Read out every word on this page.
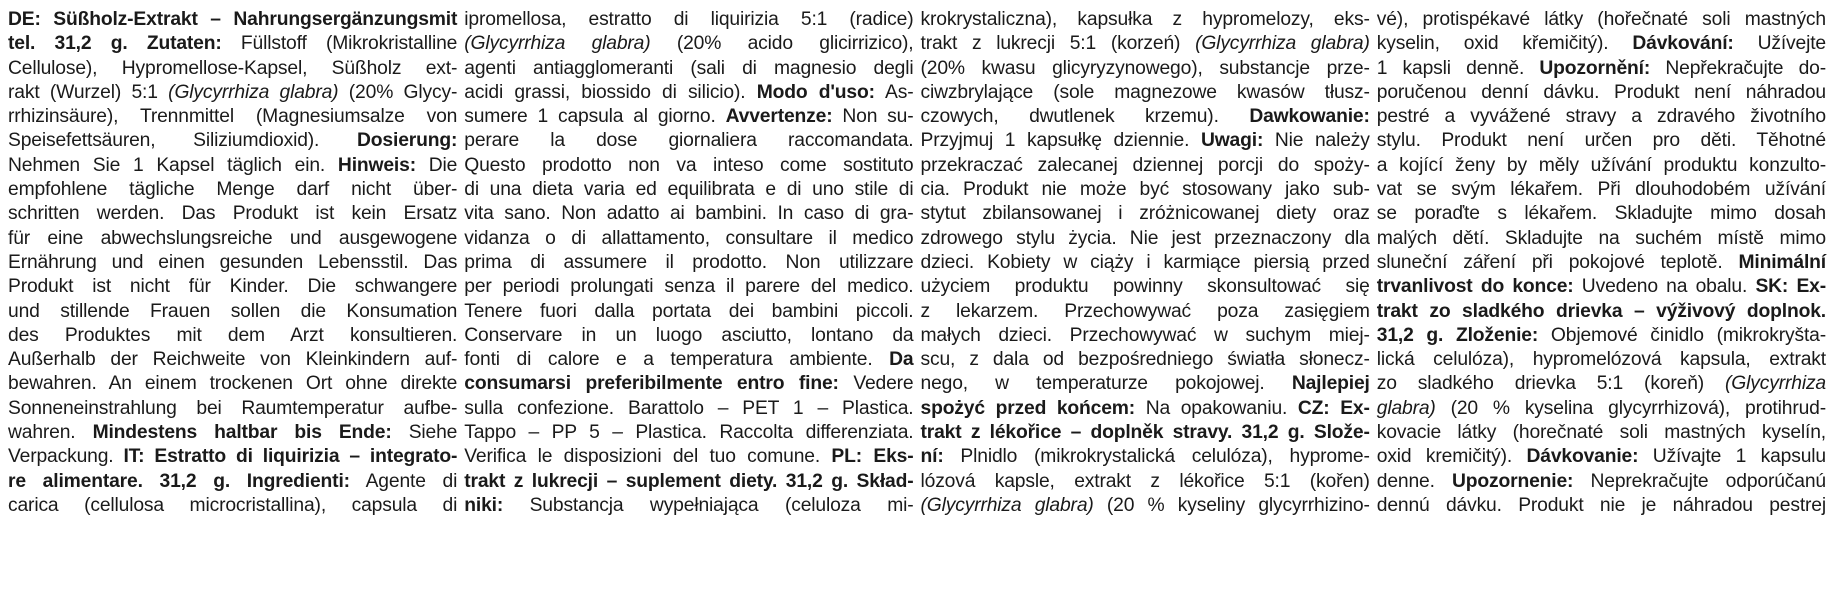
DE: Süßholz-Extrakt – Nahrungsergänzungsmit
tel. 31,2 g. Zutaten: Füllstoff (Mikrokristalline
Cellulose), Hypromellose-Kapsel, Süßholz ext-
rakt (Wurzel) 5:1 (Glycyrrhiza glabra) (20% Glycy-
rrhizinsäure), Trennmittel (Magnesiumsalze von
Speisefettsäuren, Siliziumdioxid). Dosierung:
Nehmen Sie 1 Kapsel täglich ein. Hinweis: Die
empfohlene tägliche Menge darf nicht über-
schritten werden. Das Produkt ist kein Ersatz
für eine abwechslungsreiche und ausgewogene
Ernährung und einen gesunden Lebensstil. Das
Produkt ist nicht für Kinder. Die schwangere
und stillende Frauen sollen die Konsumation
des Produktes mit dem Arzt konsultieren.
Außerhalb der Reichweite von Kleinkindern auf-
bewahren. An einem trockenen Ort ohne direkte
Sonneneinstrahlung bei Raumtemperatur aufbe-
wahren. Mindestens haltbar bis Ende: Siehe
Verpackung. IT: Estratto di liquirizia – integrato-
re alimentare. 31,2 g. Ingredienti: Agente di
carica (cellulosa microcristallina), capsula di
ipromellosa, estratto di liquirizia 5:1 (radice)
(Glycyrrhiza glabra) (20% acido glicirrizico),
agenti antiagglomeranti (sali di magnesio degli
acidi grassi, biossido di silicio). Modo d'uso: As-
sumere 1 capsula al giorno. Avvertenze: Non su-
perare la dose giornaliera raccomandata.
Questo prodotto non va inteso come sostituto
di una dieta varia ed equilibrata e di uno stile di
vita sano. Non adatto ai bambini. In caso di gra-
vidanza o di allattamento, consultare il medico
prima di assumere il prodotto. Non utilizzare
per periodi prolungati senza il parere del medico.
Tenere fuori dalla portata dei bambini piccoli.
Conservare in un luogo asciutto, lontano da
fonti di calore e a temperatura ambiente. Da
consumarsi preferibilmente entro fine: Vedere
sulla confezione. Barattolo – PET 1 – Plastica.
Tappo – PP 5 – Plastica. Raccolta differenziata.
Verifica le disposizioni del tuo comune. PL: Eks-
trakt z lukrecji – suplement diety. 31,2 g. Skład-
niki: Substancja wypełniająca (celuloza mi-
krokrystaliczna), kapsułka z hypromelozy, eks-
trakt z lukrecji 5:1 (korzeń) (Glycyrrhiza glabra)
(20% kwasu glicyryzynowego), substancje prze-
ciwzbrylające (sole magnezowe kwasów tłusz-
czowych, dwutlenek krzemu). Dawkowanie:
Przyjmuj 1 kapsułkę dziennie. Uwagi: Nie należy
przekraczać zalecanej dziennej porcji do spoży-
cia. Produkt nie może być stosowany jako sub-
stytut zbilansowanej i zróżnicowanej diety oraz
zdrowego stylu życia. Nie jest przeznaczony dla
dzieci. Kobiety w ciąży i karmiące piersią przed
użyciem produktu powinny skonsultować się
z lekarzem. Przechowywać poza zasięgiem
małych dzieci. Przechowywać w suchym miej-
scu, z dala od bezpośredniego światła słonecz-
nego, w temperaturze pokojowej. Najlepiej
spożyć przed końcem: Na opakowaniu. CZ: Ex-
trakt z lékořice – doplněk stravy. 31,2 g. Slože-
ní: Plnidlo (mikrokrystalická celulóza), hyprome-
lózová kapsle, extrakt z lékořice 5:1 (kořen)
(Glycyrrhiza glabra) (20 % kyseliny glycyrrhizino-
vé), protispékavé látky (hořečnaté soli mastných
kyselin, oxid křemičitý). Dávkování: Užívejte
1 kapsli denně. Upozornění: Nepřekračujte do-
poručenou denní dávku. Produkt není náhradou
pestré a vyvážené stravy a zdravého životního
stylu. Produkt není určen pro děti. Těhotné
a kojící ženy by měly užívání produktu konzulto-
vat se svým lékařem. Při dlouhodobém užívání
se poraďte s lékařem. Skladujte mimo dosah
malých dětí. Skladujte na suchém místě mimo
sluneční záření při pokojové teplotě. Minimální
trvanlivost do konce: Uvedeno na obalu. SK: Ex-
trakt zo sladkého drievka – výživový doplnok.
31,2 g. Zloženie: Objemové činidlo (mikrokryšta-
lická celulóza), hypromelózová kapsula, extrakt
zo sladkého drievka 5:1 (koreň) (Glycyrrhiza
glabra) (20 % kyselina glycyrrhizová), protihrud-
kovacie látky (horečnaté soli mastných kyselín,
oxid kremičitý). Dávkovanie: Užívajte 1 kapsulu
denne. Upozornenie: Neprekračujte odporúčanú
dennú dávku. Produkt nie je náhradou pestrej
